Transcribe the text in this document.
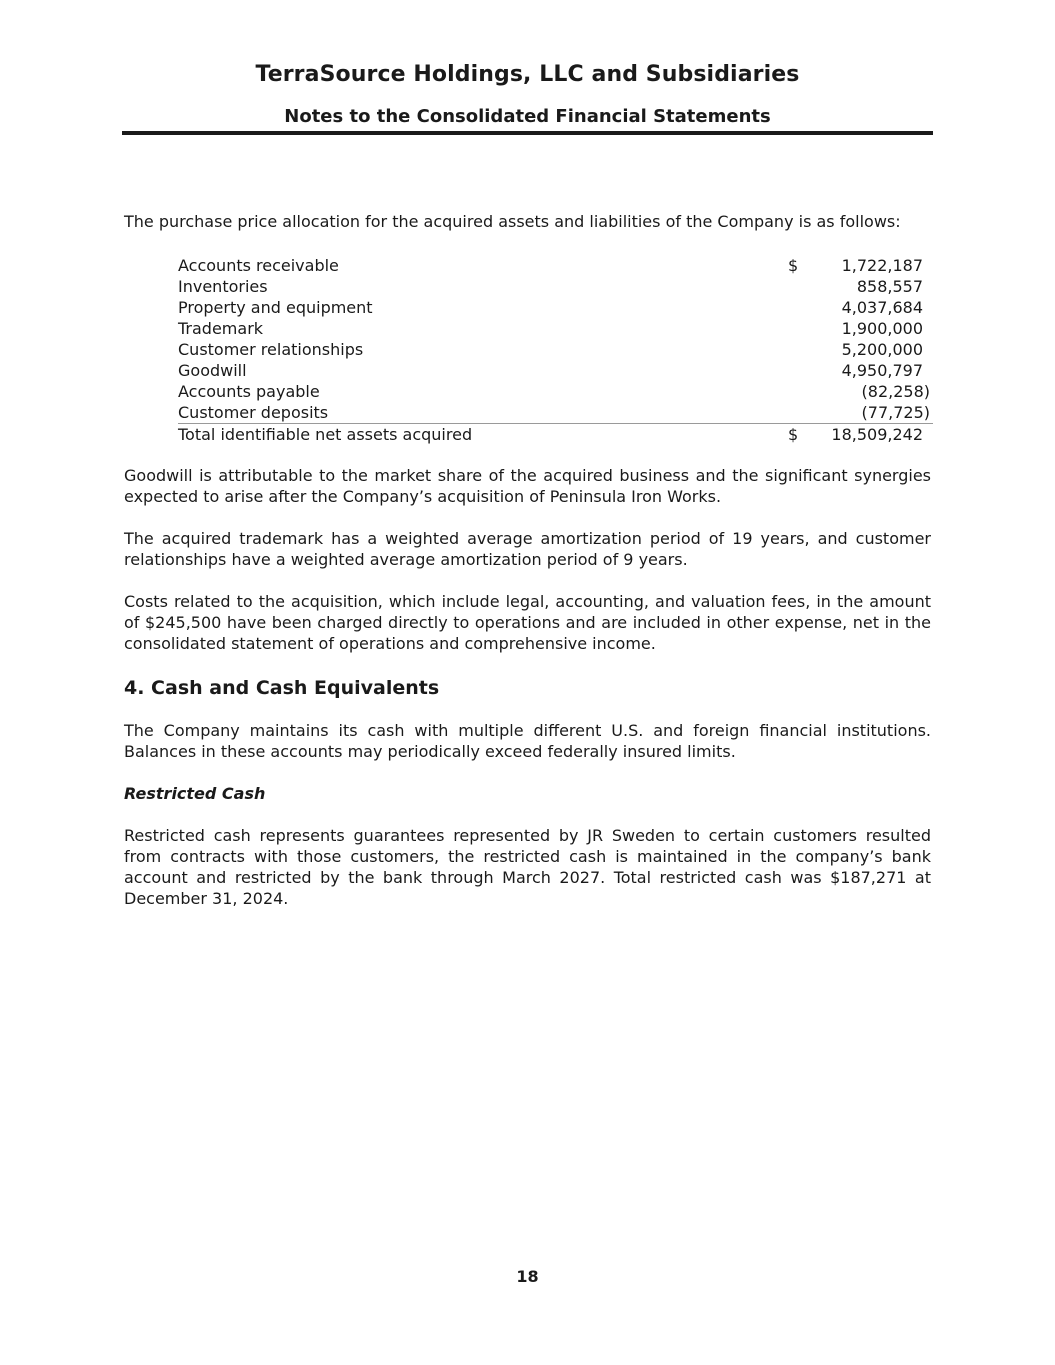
TerraSource Holdings, LLC and Subsidiaries
Notes to the Consolidated Financial Statements

The purchase price allocation for the acquired assets and liabilities of the Company is as follows:

Accounts receivable	$	1,722,187
Inventories	858,557
Property and equipment	4,037,684
Trademark	1,900,000
Customer relationships	5,200,000
Goodwill	4,950,797
Accounts payable	(82,258)
Customer deposits	(77,725)
Total identifiable net assets acquired	$ 18,509,242

Goodwill is attributable to the market share of the acquired business and the significant synergies expected to arise after the Company’s acquisition of Peninsula Iron Works.

The acquired trademark has a weighted average amortization period of 19 years, and customer relationships have a weighted average amortization period of 9 years.

Costs related to the acquisition, which include legal, accounting, and valuation fees, in the amount of $245,500 have been charged directly to operations and are included in other expense, net in the consolidated statement of operations and comprehensive income.

4. Cash and Cash Equivalents

The Company maintains its cash with multiple different U.S. and foreign financial institutions. Balances in these accounts may periodically exceed federally insured limits.

Restricted Cash

Restricted cash represents guarantees represented by JR Sweden to certain customers resulted from contracts with those customers, the restricted cash is maintained in the company’s bank account and restricted by the bank through March 2027. Total restricted cash was $187,271 at December 31, 2024.

18
